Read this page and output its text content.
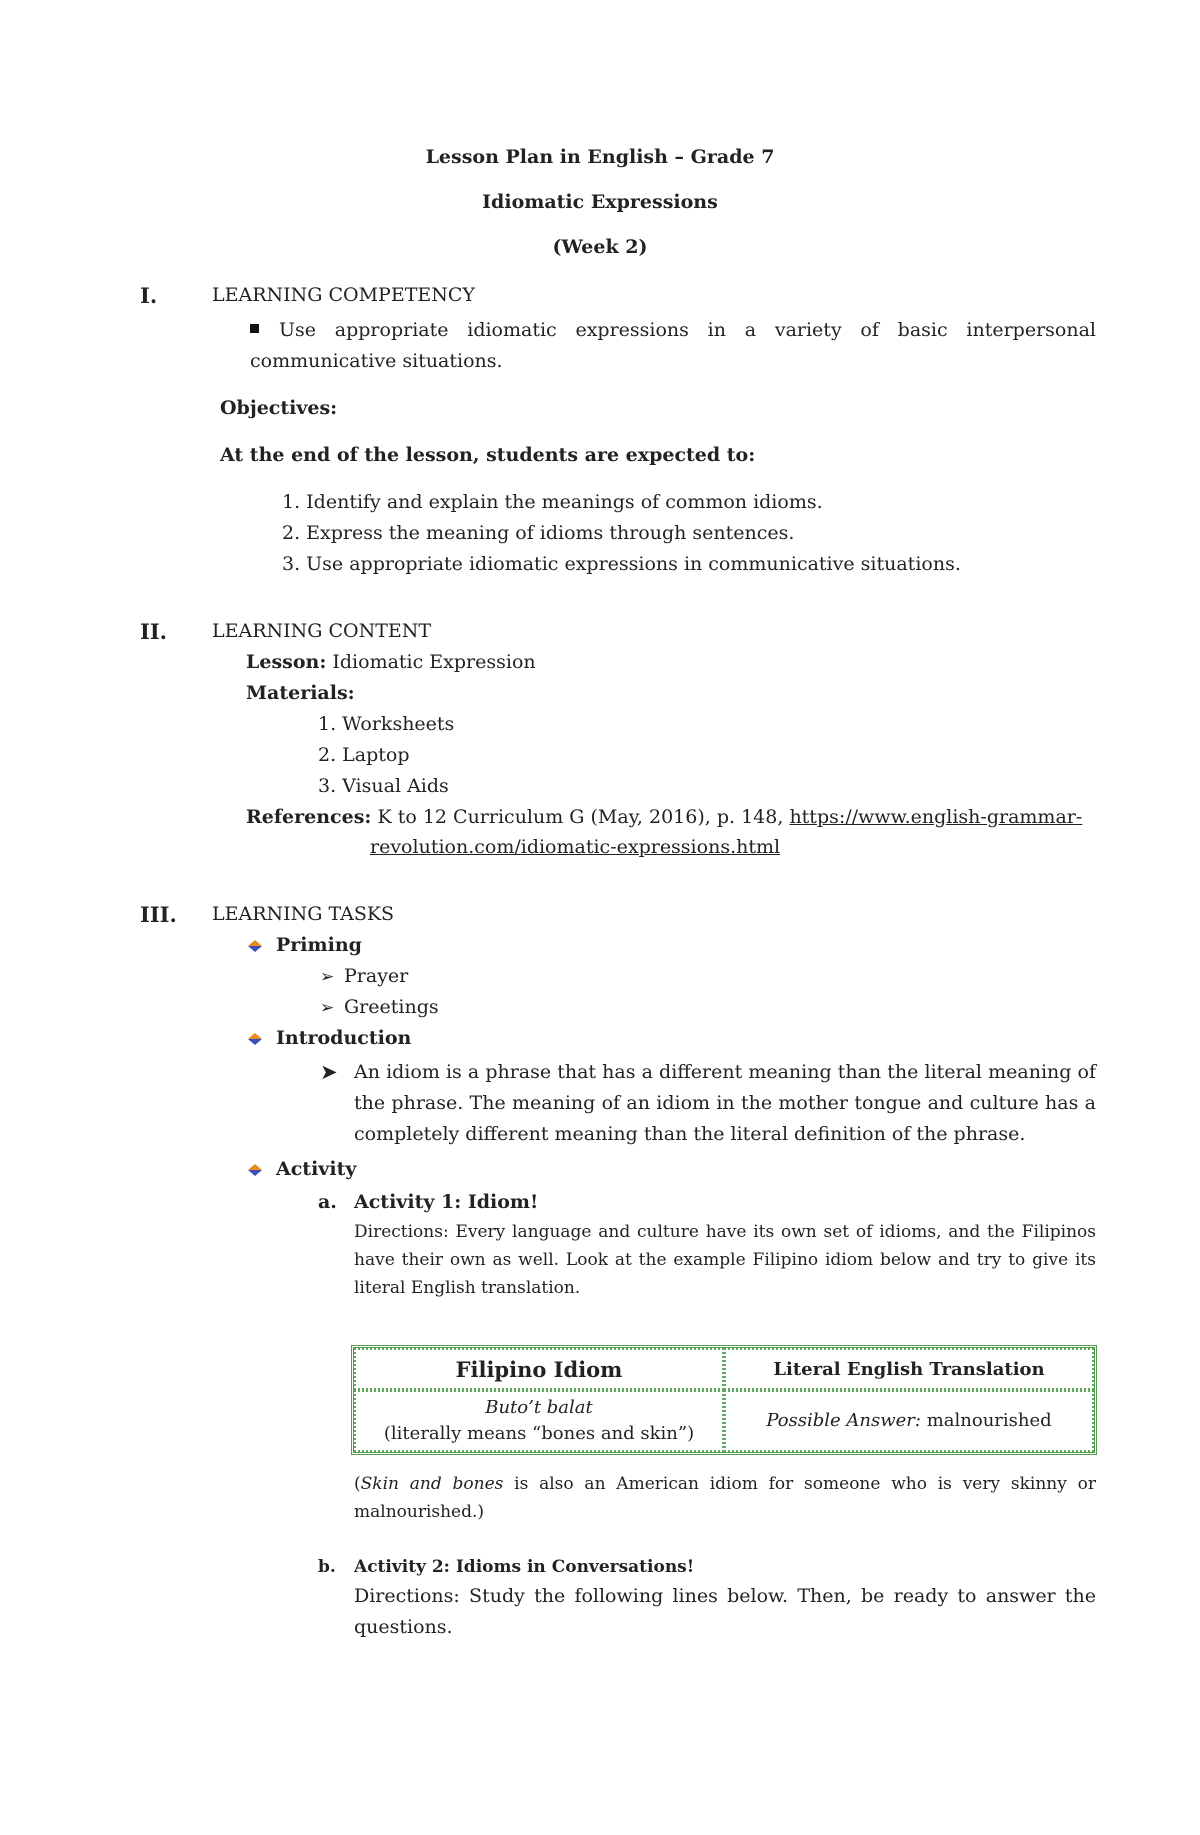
Lesson Plan in English – Grade 7
Idiomatic Expressions
(Week 2)
I.	LEARNING COMPETENCY
Use appropriate idiomatic expressions in a variety of basic interpersonal communicative situations.
Objectives:
At the end of the lesson, students are expected to:
1. Identify and explain the meanings of common idioms.
2. Express the meaning of idioms through sentences.
3. Use appropriate idiomatic expressions in communicative situations.
II. LEARNING CONTENT
Lesson: Idiomatic Expression
Materials:
1. Worksheets
2. Laptop
3. Visual Aids
References: K to 12 Curriculum G (May, 2016), p. 148, https://www.english-grammar-
revolution.com/idiomatic-expressions.html
III. LEARNING TASKS
Priming
➢ Prayer
➢ Greetings
Introduction
➤ An idiom is a phrase that has a different meaning than the literal meaning of the phrase. The meaning of an idiom in the mother tongue and culture has a completely different meaning than the literal definition of the phrase.
Activity
a. Activity 1: Idiom!
Directions: Every language and culture have its own set of idioms, and the Filipinos have their own as well. Look at the example Filipino idiom below and try to give its literal English translation.
Filipino Idiom	Literal English Translation

Buto’t balat
(literally means “bones and skin”)	Possible Answer: malnourished
(Skin and bones is also an American idiom for someone who is very skinny or malnourished.)
b. Activity 2: Idioms in Conversations!
Directions: Study the following lines below. Then, be ready to answer the questions.
